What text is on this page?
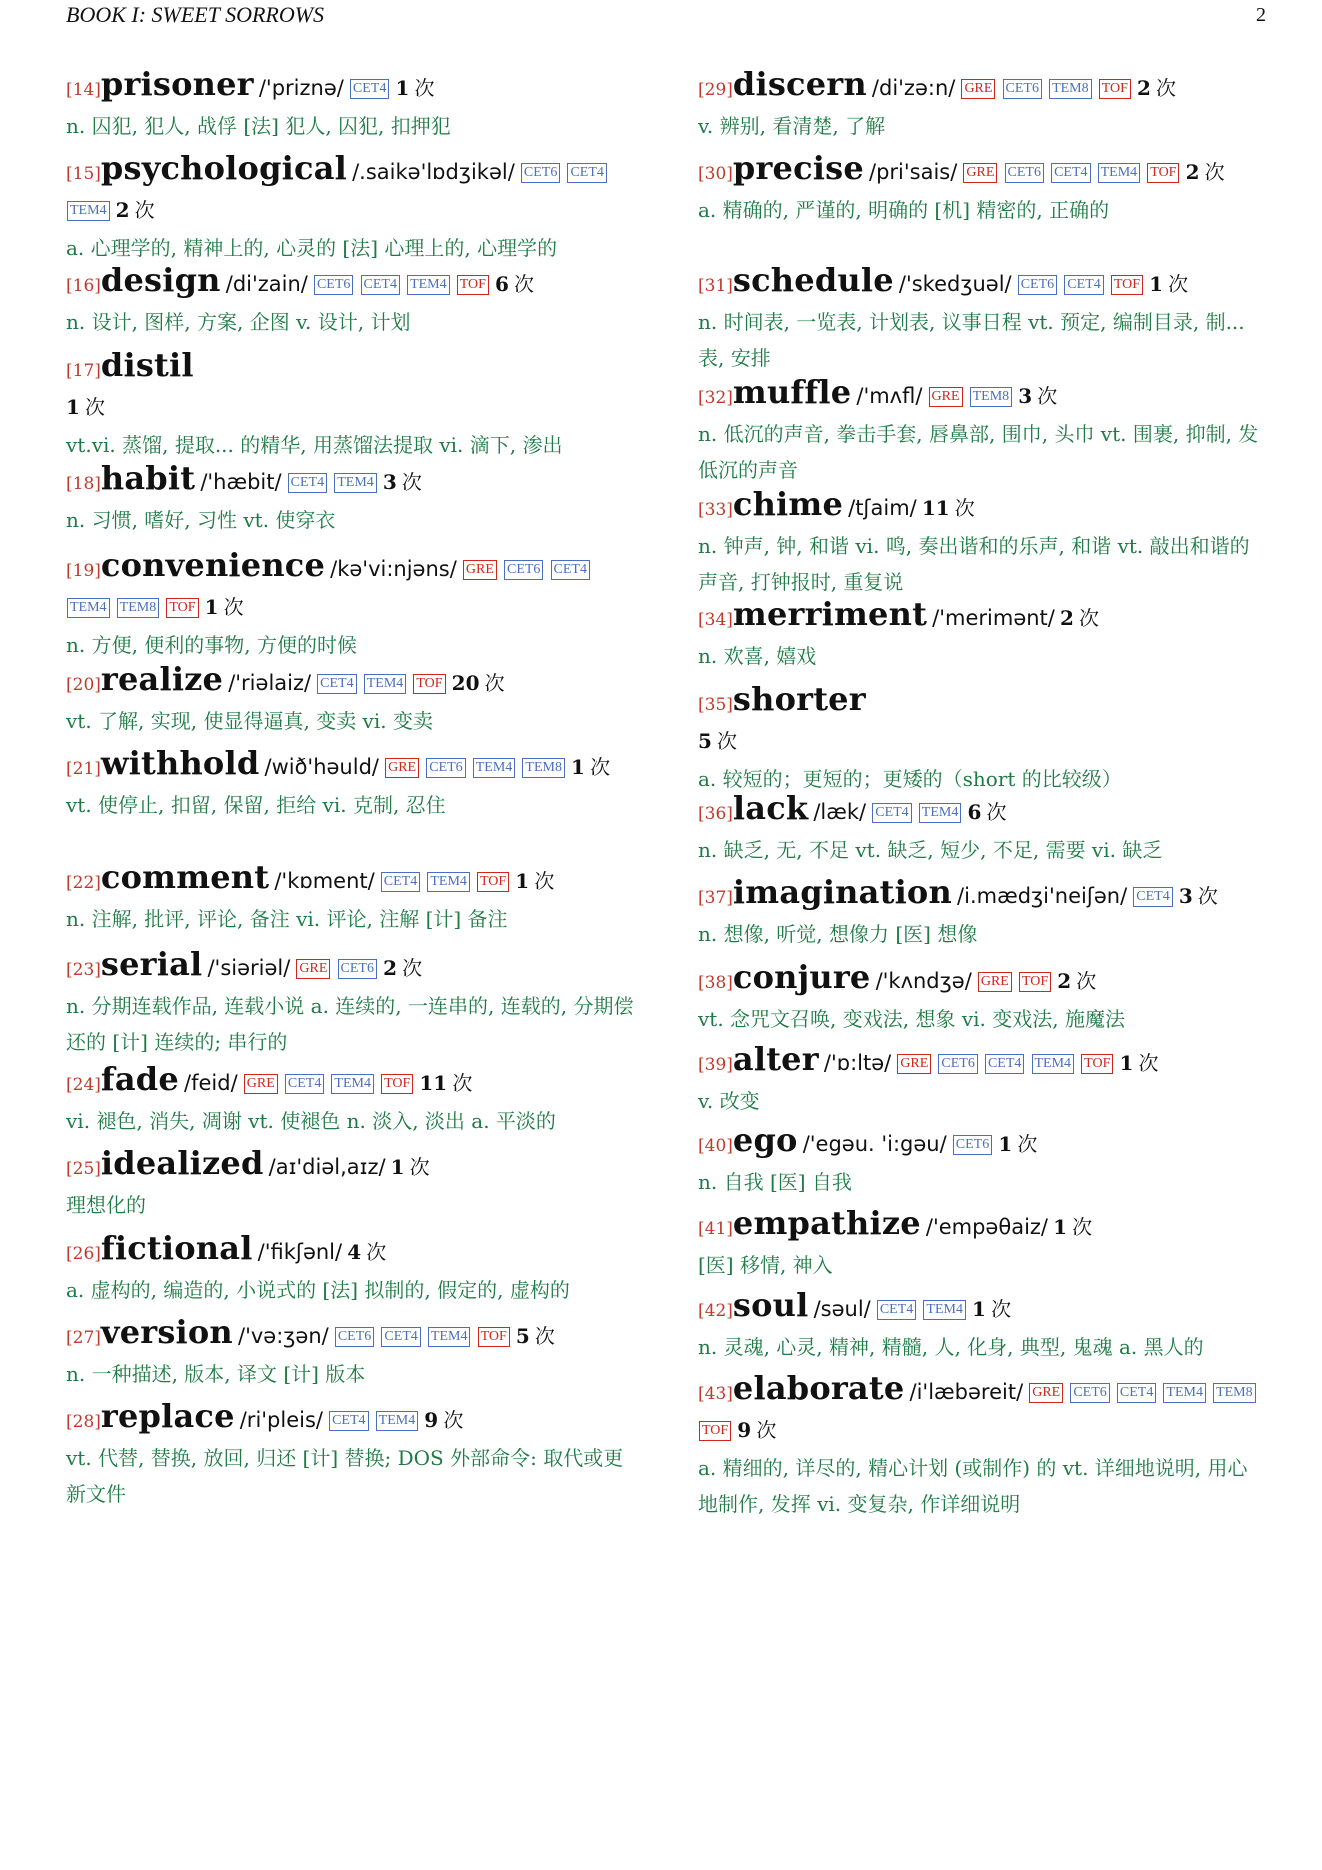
BOOK I: SWEET SORROWS	2
[14]prisoner /'priznə/ CET4 1 次
n. 囚犯, 犯人, 战俘 [法] 犯人, 囚犯, 扣押犯
[15]psychological /.saikə'lɒdʒikəl/ CET6 CET4 TEM4 2 次
a. 心理学的, 精神上的, 心灵的 [法] 心理上的, 心理学的
[16]design /di'zain/ CET6 CET4 TEM4 TOF 6 次
n. 设计, 图样, 方案, 企图 v. 设计, 计划
[17]distil
1 次
vt.vi. 蒸馏, 提取... 的精华, 用蒸馏法提取 vi. 滴下, 渗出
[18]habit /'hæbit/ CET4 TEM4 3 次
n. 习惯, 嗜好, 习性 vt. 使穿衣
[19]convenience /kə'vi:njəns/ GRE CET6 CET4 TEM4 TEM8 TOF 1 次
n. 方便, 便利的事物, 方便的时候
[20]realize /'riəlaiz/ CET4 TEM4 TOF 20 次
vt. 了解, 实现, 使显得逼真, 变卖 vi. 变卖
[21]withhold /wið'həuld/ GRE CET6 TEM4 TEM8 1 次
vt. 使停止, 扣留, 保留, 拒给 vi. 克制, 忍住
[22]comment /'kɒment/ CET4 TEM4 TOF 1 次
n. 注解, 批评, 评论, 备注 vi. 评论, 注解 [计] 备注
[23]serial /'siəriəl/ GRE CET6 2 次
n. 分期连载作品, 连载小说 a. 连续的, 一连串的, 连载的, 分期偿还的 [计] 连续的; 串行的
[24]fade /feid/ GRE CET4 TEM4 TOF 11 次
vi. 褪色, 消失, 凋谢 vt. 使褪色 n. 淡入, 淡出 a. 平淡的
[25]idealized /aɪ'diəl,aɪz/ 1 次
理想化的
[26]fictional /'fikʃənl/ 4 次
a. 虚构的, 编造的, 小说式的 [法] 拟制的, 假定的, 虚构的
[27]version /'və:ʒən/ CET6 CET4 TEM4 TOF 5 次
n. 一种描述, 版本, 译文 [计] 版本
[28]replace /ri'pleis/ CET4 TEM4 9 次
vt. 代替, 替换, 放回, 归还 [计] 替换; DOS 外部命令: 取代或更新文件
[29]discern /di'zə:n/ GRE CET6 TEM8 TOF 2 次
v. 辨别, 看清楚, 了解
[30]precise /pri'sais/ GRE CET6 CET4 TEM4 TOF 2 次
a. 精确的, 严谨的, 明确的 [机] 精密的, 正确的
[31]schedule /'skedʒuəl/ CET6 CET4 TOF 1 次
n. 时间表, 一览表, 计划表, 议事日程 vt. 预定, 编制目录, 制... 表, 安排
[32]muffle /'mʌfl/ GRE TEM8 3 次
n. 低沉的声音, 拳击手套, 唇鼻部, 围巾, 头巾 vt. 围裹, 抑制, 发低沉的声音
[33]chime /tʃaim/ 11 次
n. 钟声, 钟, 和谐 vi. 鸣, 奏出谐和的乐声, 和谐 vt. 敲出和谐的声音, 打钟报时, 重复说
[34]merriment /'merimənt/ 2 次
n. 欢喜, 嬉戏
[35]shorter
5 次
a. 较短的；更短的；更矮的（short 的比较级）
[36]lack /læk/ CET4 TEM4 6 次
n. 缺乏, 无, 不足 vt. 缺乏, 短少, 不足, 需要 vi. 缺乏
[37]imagination /i.mædʒi'neiʃən/ CET4 3 次
n. 想像, 听觉, 想像力 [医] 想像
[38]conjure /'kʌndʒə/ GRE TOF 2 次
vt. 念咒文召唤, 变戏法, 想象 vi. 变戏法, 施魔法
[39]alter /'ɒ:ltə/ GRE CET6 CET4 TEM4 TOF 1 次
v. 改变
[40]ego /'egəu. 'i:gəu/ CET6 1 次
n. 自我 [医] 自我
[41]empathize /'empəθaiz/ 1 次
[医] 移情, 神入
[42]soul /səul/ CET4 TEM4 1 次
n. 灵魂, 心灵, 精神, 精髓, 人, 化身, 典型, 鬼魂 a. 黑人的
[43]elaborate /i'læbəreit/ GRE CET6 CET4 TEM4 TEM8 TOF 9 次
a. 精细的, 详尽的, 精心计划 (或制作) 的 vt. 详细地说明, 用心地制作, 发挥 vi. 变复杂, 作详细说明
